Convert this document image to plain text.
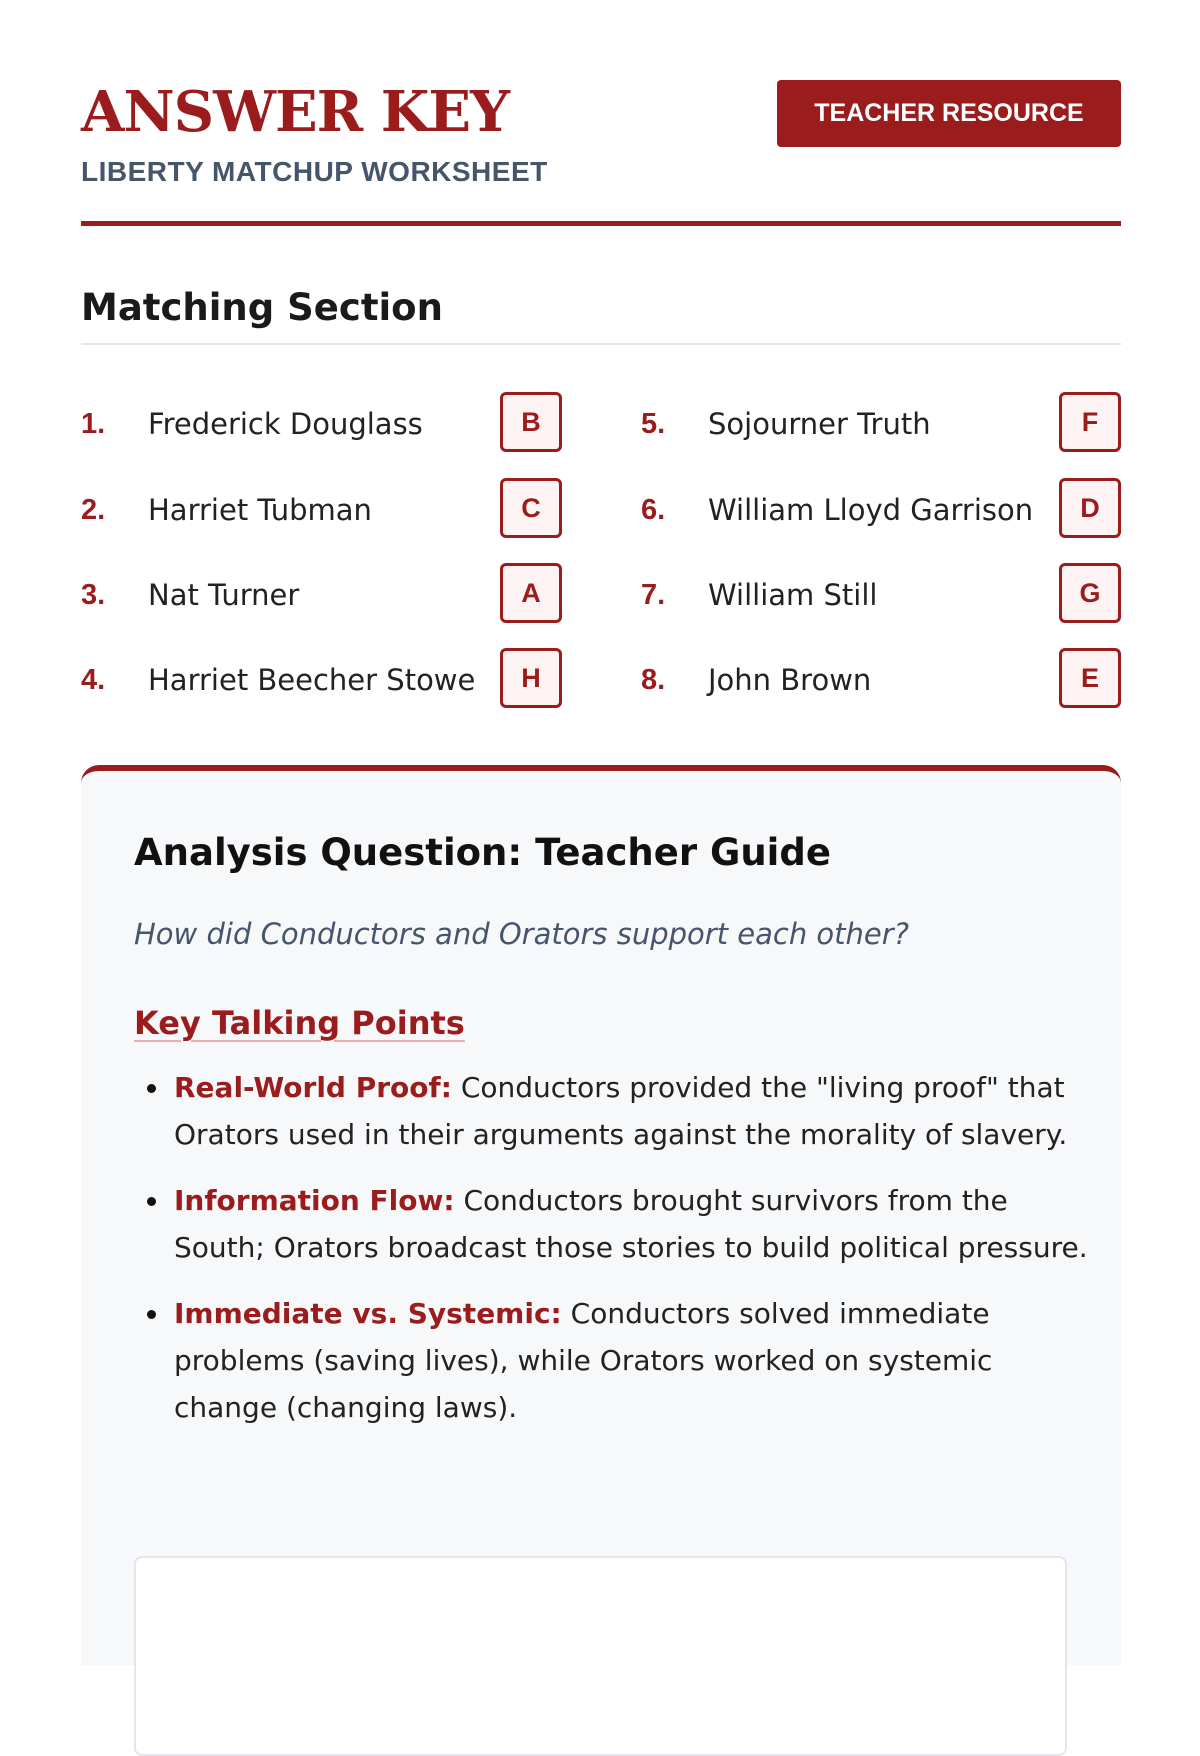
ANSWER KEY
LIBERTY MATCHUP WORKSHEET
TEACHER RESOURCE
Matching Section
1.	Frederick Douglass	B
2.	Harriet Tubman	C
3.	Nat Turner	A
4.	Harriet Beecher Stowe	H
5.	Sojourner Truth	F
6.	William Lloyd Garrison	D
7.	William Still	G
8.	John Brown	E
Analysis Question: Teacher Guide

How did Conductors and Orators support each other?

Key Talking Points
Real-World Proof: Conductors provided the "living proof" that Orators used in their arguments against the morality of slavery.
Information Flow: Conductors brought survivors from the South; Orators broadcast those stories to build political pressure.
Immediate vs. Systemic: Conductors solved immediate problems (saving lives), while Orators worked on systemic change (changing laws).
